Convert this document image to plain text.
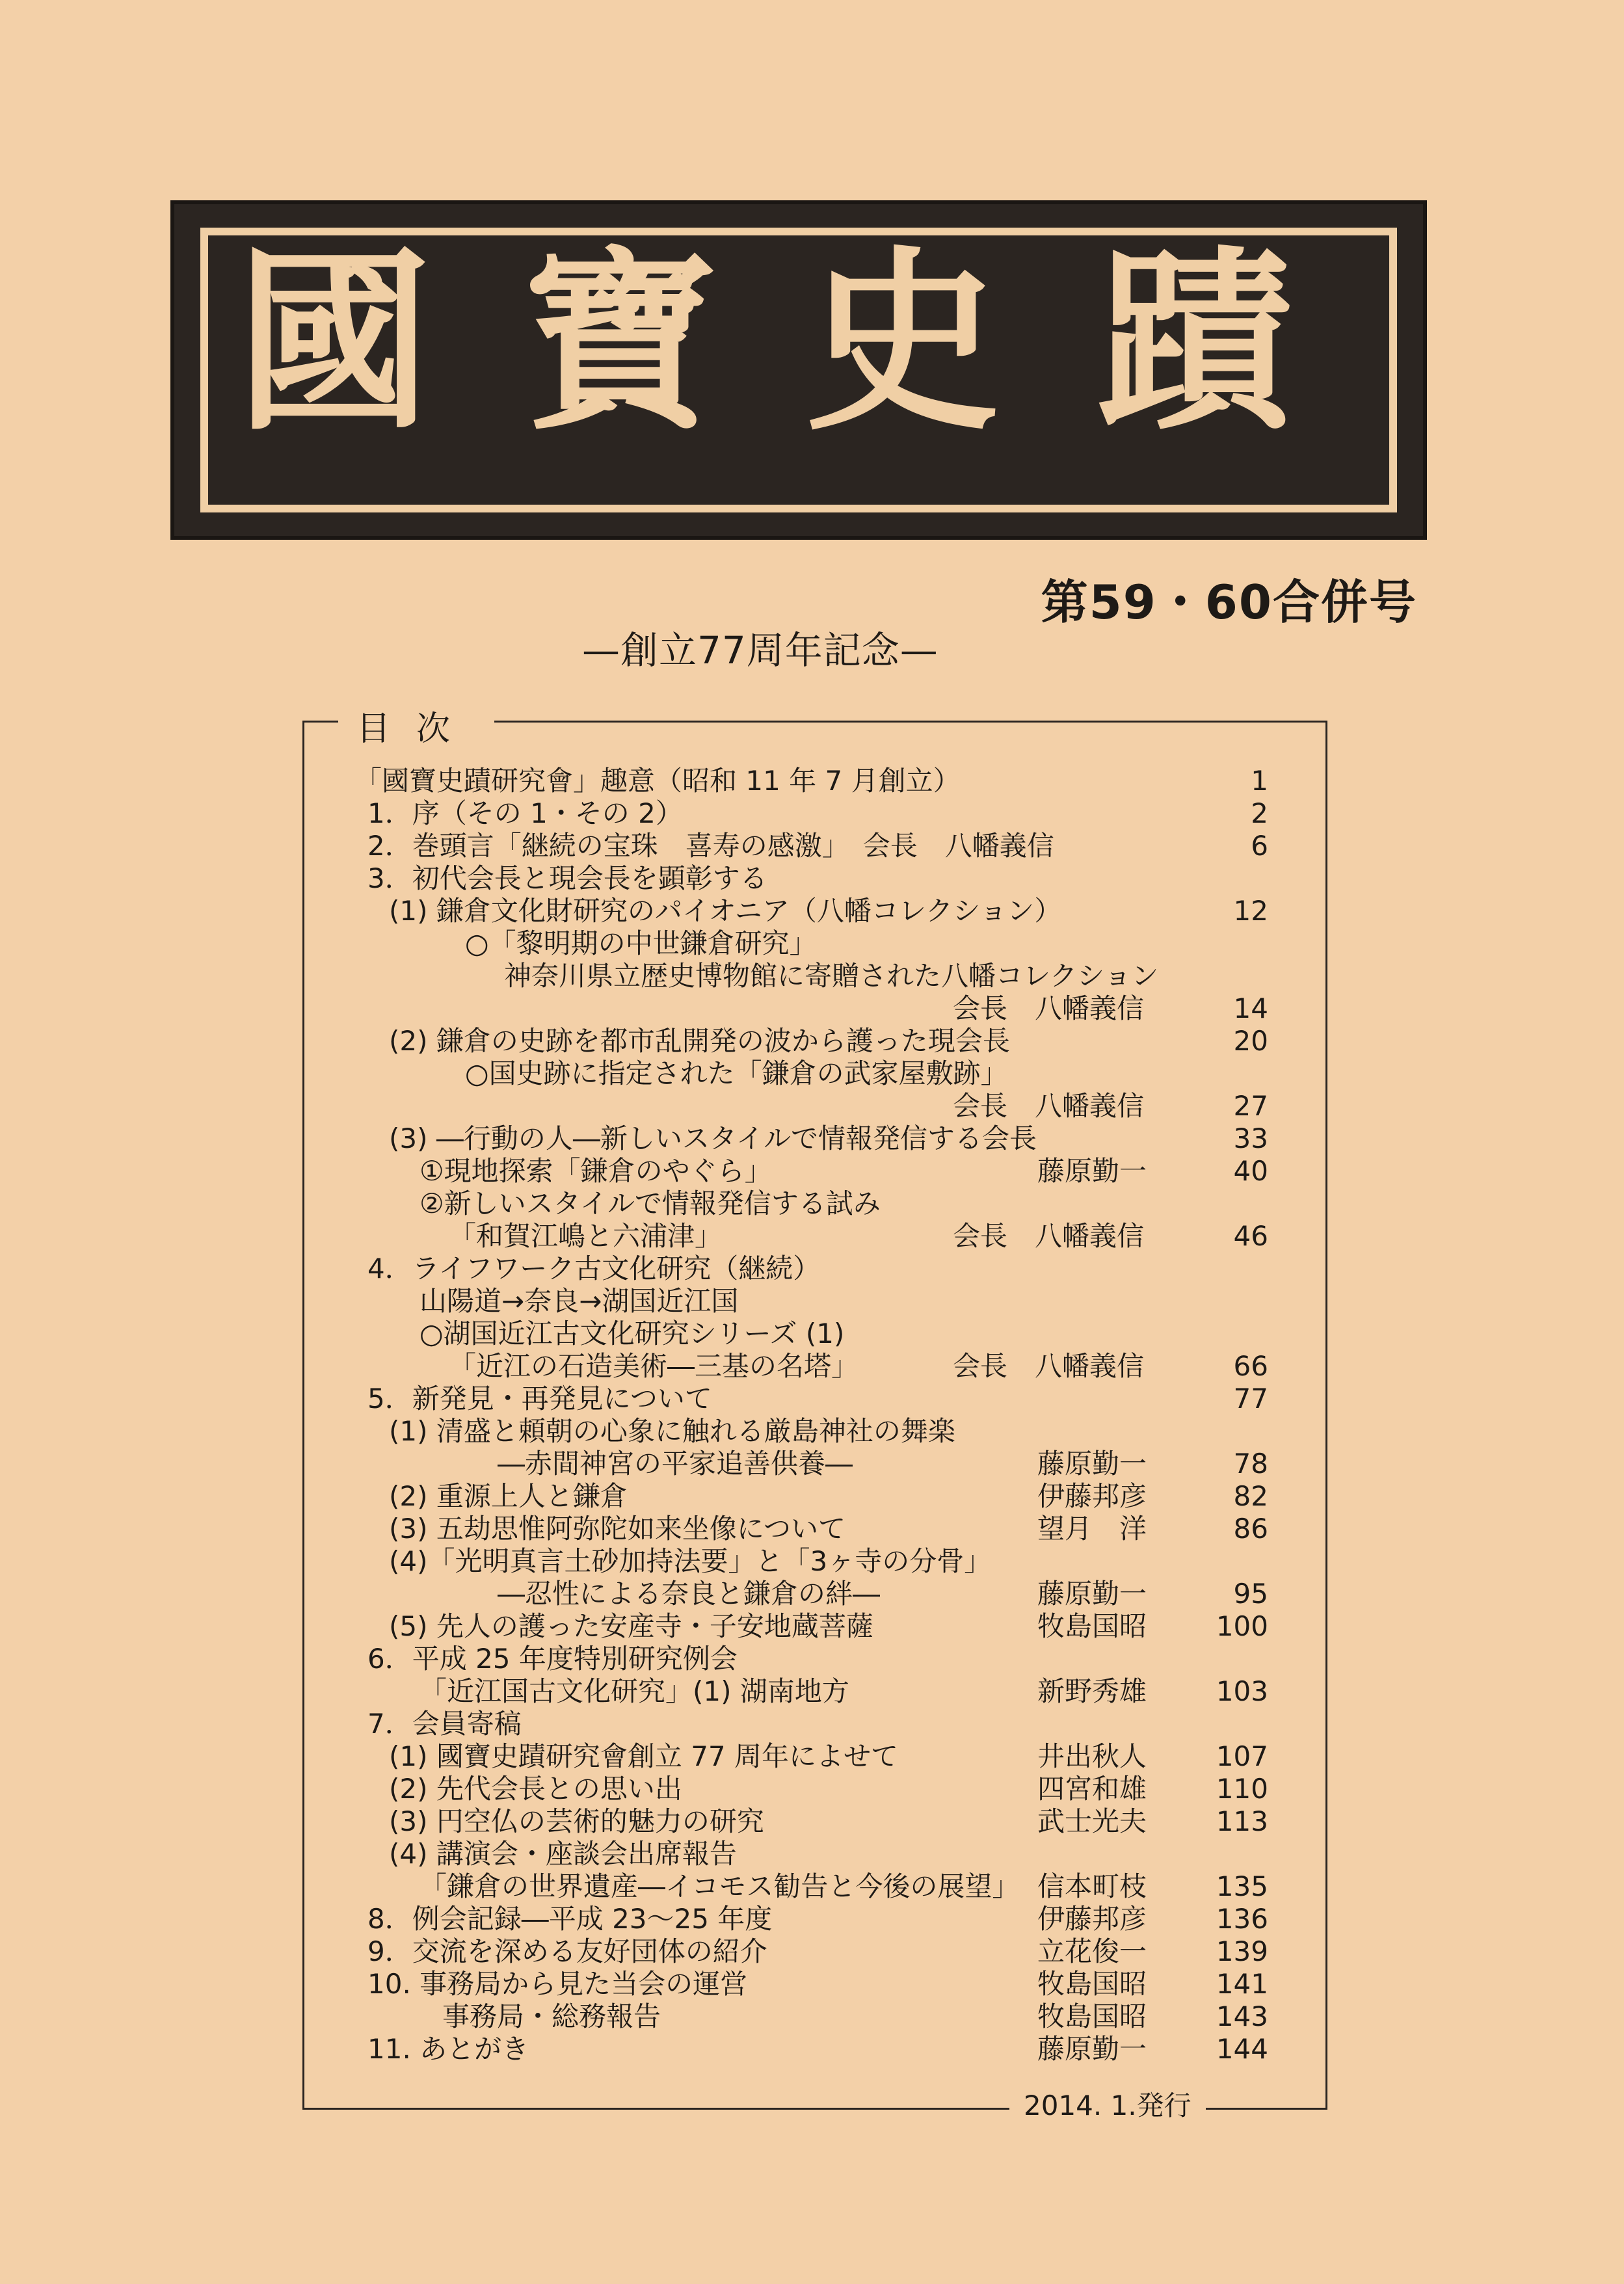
國 寶 史 蹟
第59・60合併号
—創立77周年記念—
目次
2014. 1.発行
「國寶史蹟研究會」趣意（昭和 11 年 7 月創立）	1
1．序（その 1・その 2）	2
2．巻頭言「継続の宝珠　喜寿の感激」　会長　八幡義信	6
3．初代会長と現会長を顕彰する
(1) 鎌倉文化財研究のパイオニア（八幡コレクション）	12
○「黎明期の中世鎌倉研究」
神奈川県立歴史博物館に寄贈された八幡コレクション
会長　八幡義信	14
(2) 鎌倉の史跡を都市乱開発の波から護った現会長	20
○国史跡に指定された「鎌倉の武家屋敷跡」
会長　八幡義信	27
(3) ―行動の人―新しいスタイルで情報発信する会長	33
①現地探索「鎌倉のやぐら」	藤原勤一	40
②新しいスタイルで情報発信する試み
「和賀江嶋と六浦津」	会長　八幡義信	46
4．ライフワーク古文化研究（継続）
山陽道→奈良→湖国近江国
○湖国近江古文化研究シリーズ (1)
「近江の石造美術―三基の名塔」	会長　八幡義信	66
5．新発見・再発見について	77
(1) 清盛と頼朝の心象に触れる厳島神社の舞楽
―赤間神宮の平家追善供養―	藤原勤一	78
(2) 重源上人と鎌倉	伊藤邦彦	82
(3) 五劫思惟阿弥陀如来坐像について	望月　洋	86
(4)「光明真言土砂加持法要」と「3ヶ寺の分骨」
―忍性による奈良と鎌倉の絆―	藤原勤一	95
(5) 先人の護った安産寺・子安地蔵菩薩	牧島国昭	100
6．平成 25 年度特別研究例会
「近江国古文化研究」(1) 湖南地方	新野秀雄	103
7．会員寄稿
(1) 國寶史蹟研究會創立 77 周年によせて	井出秋人	107
(2) 先代会長との思い出	四宮和雄	110
(3) 円空仏の芸術的魅力の研究	武士光夫	113
(4) 講演会・座談会出席報告
「鎌倉の世界遺産―イコモス勧告と今後の展望」 信本町枝	135
8．例会記録―平成 23～25 年度	伊藤邦彦	136
9．交流を深める友好団体の紹介	立花俊一	139
10. 事務局から見た当会の運営	牧島国昭	141
事務局・総務報告	牧島国昭	143
11. あとがき	藤原勤一	144
